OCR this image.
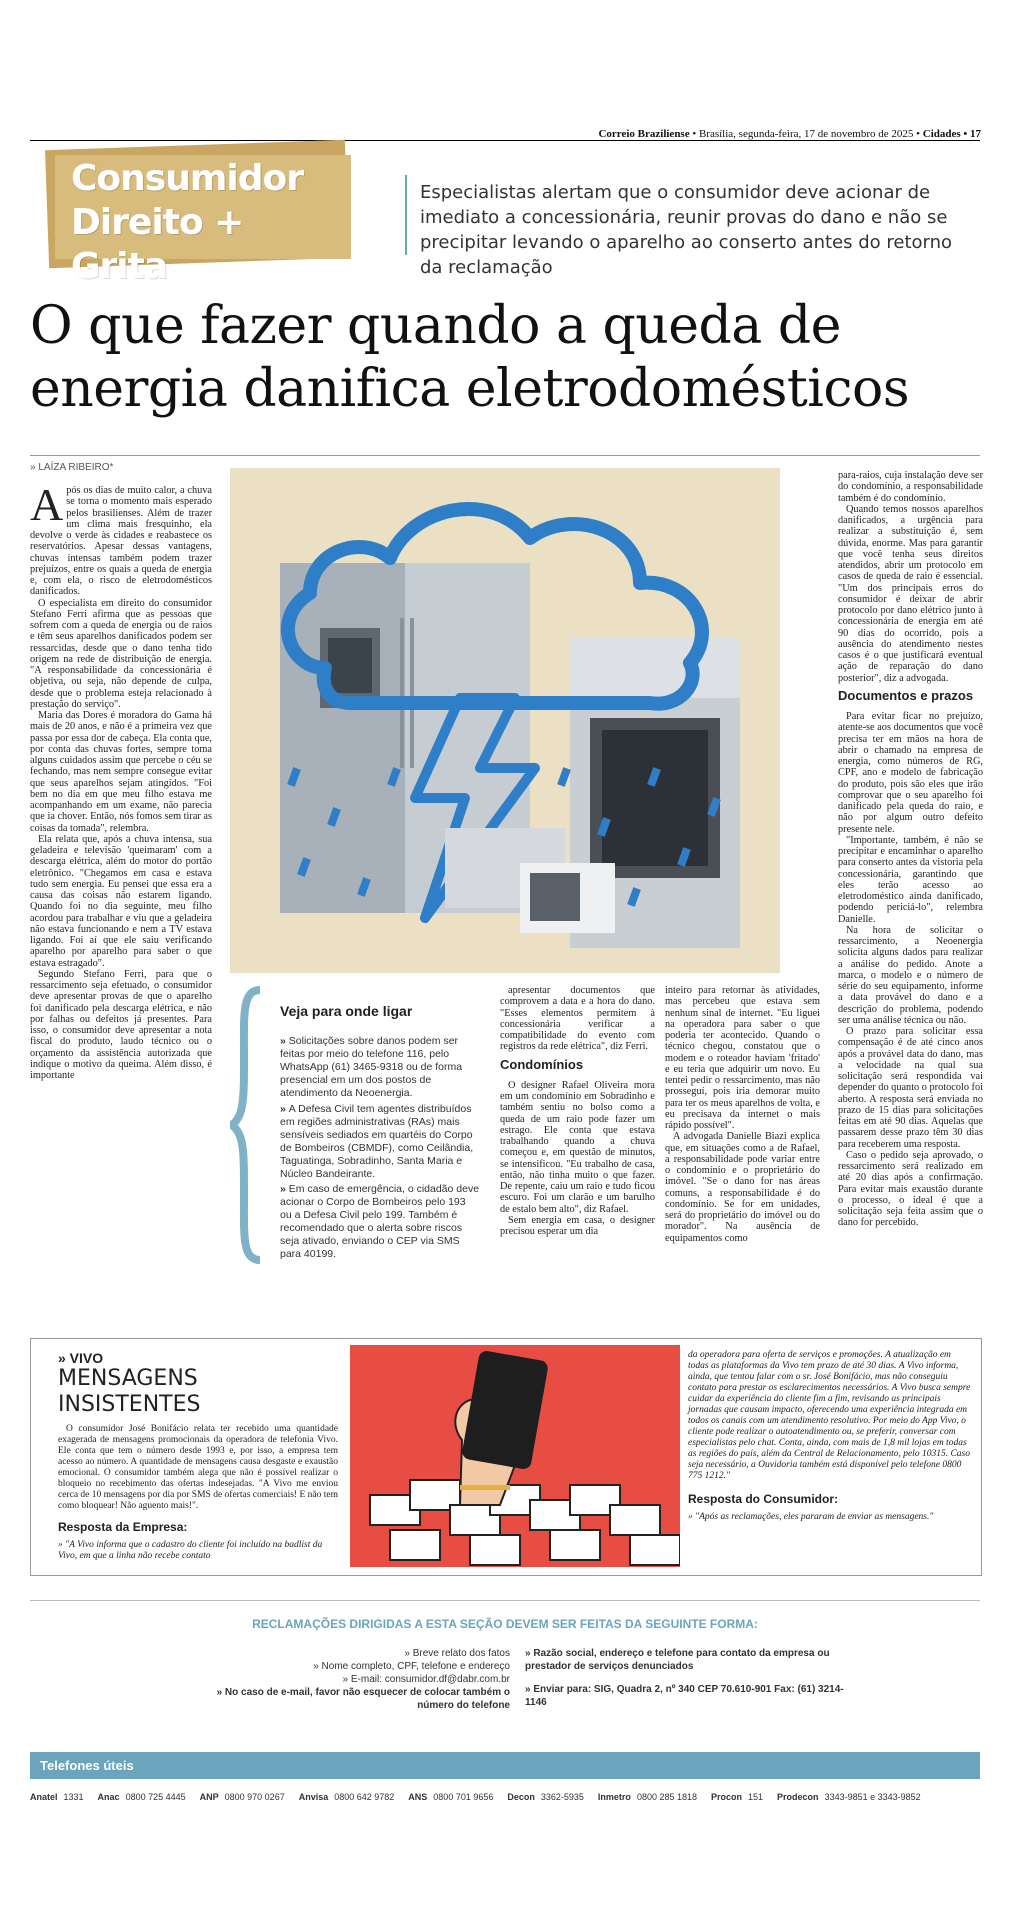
Correio Braziliense • Brasília, segunda-feira, 17 de novembro de 2025 • Cidades • 17
Consumidor
Direito + Grita
Especialistas alertam que o consumidor deve acionar de imediato a concessionária, reunir provas do dano e não se precipitar levando o aparelho ao conserto antes do retorno da reclamação
O que fazer quando a queda de energia danifica eletrodomésticos
» LAÍZA RIBEIRO*
A pós os dias de muito calor, a chuva se torna o momento mais esperado pelos brasilienses. Além de trazer um clima mais fresquinho, ela devolve o verde às cidades e reabastece os reservatórios. Apesar dessas vantagens, chuvas intensas também podem trazer prejuízos, entre os quais a queda de energia e, com ela, o risco de eletrodomésticos danificados.

O especialista em direito do consumidor Stefano Ferri afirma que as pessoas que sofrem com a queda de energia ou de raios e têm seus aparelhos danificados podem ser ressarcidas, desde que o dano tenha tido origem na rede de distribuição de energia. "A responsabilidade da concessionária é objetiva, ou seja, não depende de culpa, desde que o problema esteja relacionado à prestação do serviço".

Maria das Dores é moradora do Gama há mais de 20 anos, e não é a primeira vez que passa por essa dor de cabeça. Ela conta que, por conta das chuvas fortes, sempre toma alguns cuidados assim que percebe o céu se fechando, mas nem sempre consegue evitar que seus aparelhos sejam atingidos. "Foi bem no dia em que meu filho estava me acompanhando em um exame, não parecia que ia chover. Então, nós fomos sem tirar as coisas da tomada", relembra.

Ela relata que, após a chuva intensa, sua geladeira e televisão 'queimaram' com a descarga elétrica, além do motor do portão eletrônico. "Chegamos em casa e estava tudo sem energia. Eu pensei que essa era a causa das coisas não estarem ligando. Quando foi no dia seguinte, meu filho acordou para trabalhar e viu que a geladeira não estava funcionando e nem a TV estava ligando. Foi aí que ele saiu verificando aparelho por aparelho para saber o que estava estragado".

Segundo Stefano Ferri, para que o ressarcimento seja efetuado, o consumidor deve apresentar provas de que o aparelho foi danificado pela descarga elétrica, e não por falhas ou defeitos já presentes. Para isso, o consumidor deve apresentar a nota fiscal do produto, laudo técnico ou o orçamento da assistência autorizada que indique o motivo da queima. Além disso, é importante

Veja para onde ligar
» Solicitações sobre danos podem ser feitas por meio do telefone 116, pelo WhatsApp (61) 3465-9318 ou de forma presencial em um dos postos de atendimento da Neoenergia.
» A Defesa Civil tem agentes distribuídos em regiões administrativas (RAs) mais sensíveis sediados em quartéis do Corpo de Bombeiros (CBMDF), como Ceilândia, Taguatinga, Sobradinho, Santa Maria e Núcleo Bandeirante.
» Em caso de emergência, o cidadão deve acionar o Corpo de Bombeiros pelo 193 ou a Defesa Civil pelo 199. Também é recomendado que o alerta sobre riscos seja ativado, enviando o CEP via SMS para 40199.

apresentar documentos que comprovem a data e a hora do dano. "Esses elementos permitem à concessionária verificar a compatibilidade do evento com registros da rede elétrica", diz Ferri.

Condomínios

O designer Rafael Oliveira mora em um condomínio em Sobradinho e também sentiu no bolso como a queda de um raio pode fazer um estrago. Ele conta que estava trabalhando quando a chuva começou e, em questão de minutos, se intensificou. "Eu trabalho de casa, então, não tinha muito o que fazer. De repente, caiu um raio e tudo ficou escuro. Foi um clarão e um barulho de estalo bem alto", diz Rafael.

Sem energia em casa, o designer precisou esperar um dia

inteiro para retornar às atividades, mas percebeu que estava sem nenhum sinal de internet. "Eu liguei na operadora para saber o que poderia ter acontecido. Quando o técnico chegou, constatou que o modem e o roteador haviam 'fritado' e eu teria que adquirir um novo. Eu tentei pedir o ressarcimento, mas não prosseguí, pois iria demorar muito para ter os meus aparelhos de volta, e eu precisava da internet o mais rápido possível".

A advogada Danielle Biazi explica que, em situações como a de Rafael, a responsabilidade pode variar entre o condomínio e o proprietário do imóvel. "Se o dano for nas áreas comuns, a responsabilidade é do condomínio. Se for em unidades, será do proprietário do imóvel ou do morador". Na ausência de equipamentos como

para-raios, cuja instalação deve ser do condomínio, a responsabilidade também é do condomínio.

Quando temos nossos aparelhos danificados, a urgência para realizar a substituição é, sem dúvida, enorme. Mas para garantir que você tenha seus direitos atendidos, abrir um protocolo em casos de queda de raio é essencial. "Um dos principais erros do consumidor é deixar de abrir protocolo por dano elétrico junto à concessionária de energia em até 90 dias do ocorrido, pois a ausência do atendimento nestes casos é o que justificará eventual ação de reparação do dano posterior", diz a advogada.

Documentos e prazos

Para evitar ficar no prejuízo, atente-se aos documentos que você precisa ter em mãos na hora de abrir o chamado na empresa de energia, como números de RG, CPF, ano e modelo de fabricação do produto, pois são eles que irão comprovar que o seu aparelho foi danificado pela queda do raio, e não por algum outro defeito presente nele.

"Importante, também, é não se precipitar e encaminhar o aparelho para conserto antes da vistoria pela concessionária, garantindo que eles terão acesso ao eletrodoméstico ainda danificado, podendo periciá-lo", relembra Danielle.

Na hora de solicitar o ressarcimento, a Neoenergia solicita alguns dados para realizar a análise do pedido. Anote a marca, o modelo e o número de série do seu equipamento, informe a data provável do dano e a descrição do problema, podendo ser uma análise técnica ou não.

O prazo para solicitar essa compensação é de até cinco anos após a provável data do dano, mas a velocidade na qual sua solicitação será respondida vai depender do quanto o protocolo foi aberto. A resposta será enviada no prazo de 15 dias para solicitações feitas em até 90 dias. Aquelas que passarem desse prazo têm 30 dias para receberem uma resposta.

Caso o pedido seja aprovado, o ressarcimento será realizado em até 20 dias após a confirmação. Para evitar mais exaustão durante o processo, o ideal é que a solicitação seja feita assim que o dano for percebido.

» VIVO
MENSAGENS INSISTENTES
O consumidor José Bonifácio relata ter recebido uma quantidade exagerada de mensagens promocionais da operadora de telefonia Vivo. Ele conta que tem o número desde 1993 e, por isso, a empresa tem acesso ao número. A quantidade de mensagens causa desgaste e exaustão emocional. O consumidor também alega que não é possível realizar o bloqueio no recebimento das ofertas indesejadas. "A Vivo me enviou cerca de 10 mensagens por dia por SMS de ofertas comerciais! E não tem como bloquear! Não aguento mais!".
Resposta da Empresa:
» "A Vivo informa que o cadastro do cliente foi incluído na badlist da Vivo, em que a linha não recebe contato
da operadora para oferta de serviços e promoções. A atualização em todas as plataformas da Vivo tem prazo de até 30 dias. A Vivo informa, ainda, que tentou falar com o sr. José Bonifácio, mas não conseguiu contato para prestar os esclarecimentos necessários. A Vivo busca sempre cuidar da experiência do cliente fim a fim, revisando as principais jornadas que causam impacto, oferecendo uma experiência integrada em todos os canais com um atendimento resolutivo. Por meio do App Vivo, o cliente pode realizar o autoatendimento ou, se preferir, conversar com especialistas pelo chat. Conta, ainda, com mais de 1,8 mil lojas em todas as regiões do país, além da Central de Relacionamento, pelo 10315. Caso seja necessário, a Ouvidoria também está disponível pelo telefone 0800 775 1212."
Resposta do Consumidor:
» "Após as reclamações, eles pararam de enviar as mensagens."
RECLAMAÇÕES DIRIGIDAS A ESTA SEÇÃO DEVEM SER FEITAS DA SEGUINTE FORMA:
» Breve relato dos fatos
» Nome completo, CPF, telefone e endereço
» E-mail: consumidor.df@dabr.com.br
» No caso de e-mail, favor não esquecer de colocar também o número do telefone
» Razão social, endereço e telefone para contato da empresa ou prestador de serviços denunciados
» Enviar para: SIG, Quadra 2, nº 340 CEP 70.610-901 Fax: (61) 3214-1146
Telefones úteis
Anatel 1331 Anac 0800 725 4445 ANP 0800 970 0267 Anvisa 0800 642 9782 ANS 0800 701 9656 Decon 3362-5935 Inmetro 0800 285 1818 Procon 151 Prodecon 3343-9851 e 3343-9852
